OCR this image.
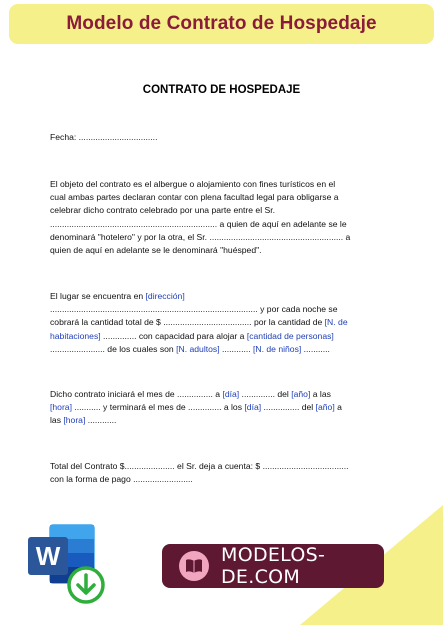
Modelo de Contrato de Hospedaje
CONTRATO DE HOSPEDAJE
Fecha: .................................
El objeto del contrato es el albergue o alojamiento con fines turísticos en el
cual ambas partes declaran contar con plena facultad legal para obligarse a
celebrar dicho contrato celebrado por una parte entre el Sr.
...................................................................... a quien de aquí en adelante se le
denominará "hotelero" y por la otra, el Sr. ........................................................ a
quien de aquí en adelante se le denominará "huésped".
El lugar se encuentra en [dirección]
....................................................................................... y por cada noche se
cobrará la cantidad total de $ ..................................... por la cantidad de [N. de
habitaciones] .............. con capacidad para alojar a [cantidad de personas]
....................... de los cuales son [N. adultos] ............ [N. de niños] ...........
Dicho contrato iniciará el mes de ............... a [día] .............. del [año] a las
[hora] ........... y terminará el mes de .............. a los [día] ............... del [año] a
las [hora] ............
Total del Contrato $..................... el Sr. deja a cuenta: $ ....................................
con la forma de pago .........................
W	MODELOS-DE.COM
